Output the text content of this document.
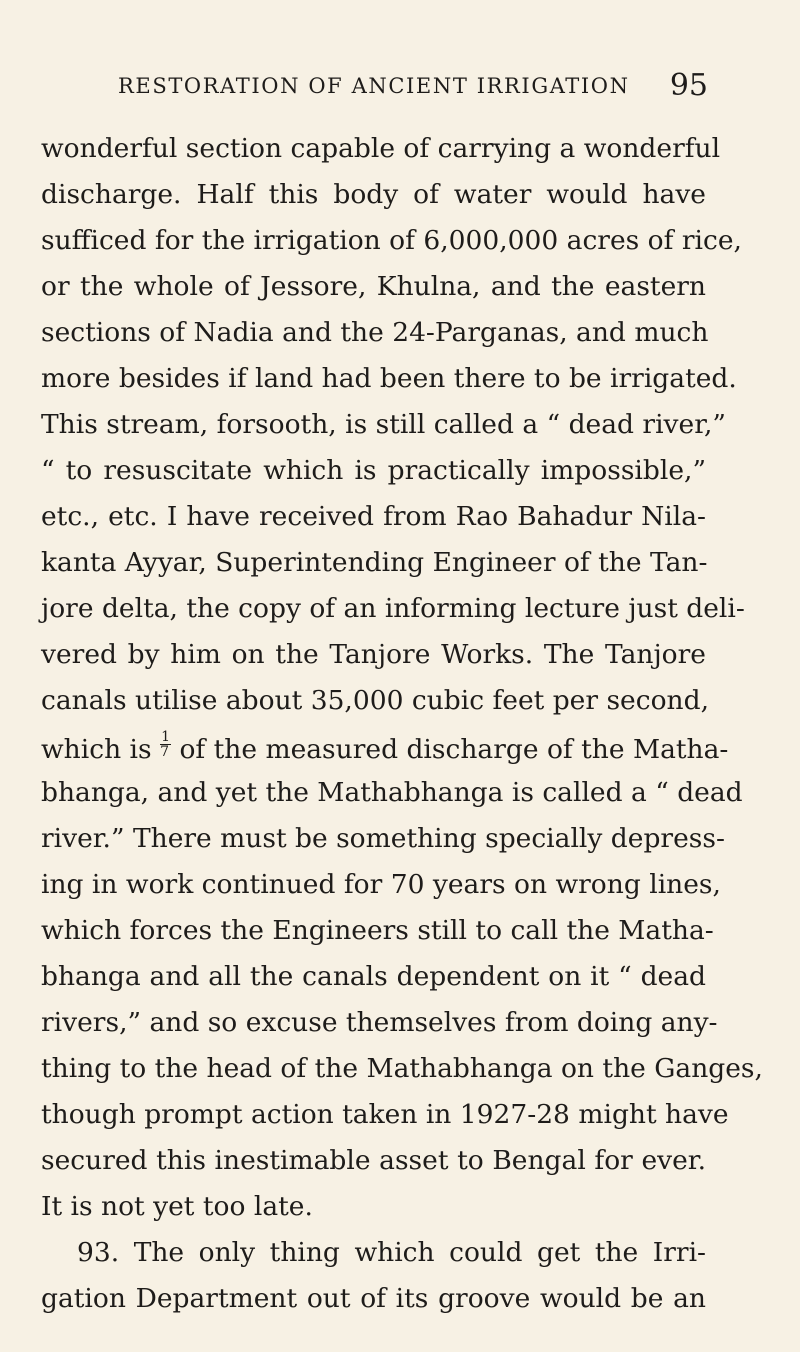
RESTORATION OF ANCIENT IRRIGATION 95
wonderful section capable of carrying a wonderful
discharge. Half this body of water would have
sufficed for the irrigation of 6,000,000 acres of rice,
or the whole of Jessore, Khulna, and the eastern
sections of Nadia and the 24-Parganas, and much
more besides if land had been there to be irrigated.
This stream, forsooth, is still called a “ dead river,”
“ to resuscitate which is practically impossible,”
etc., etc. I have received from Rao Bahadur Nila-
kanta Ayyar, Superintending Engineer of the Tan-
jore delta, the copy of an informing lecture just deli-
vered by him on the Tanjore Works. The Tanjore
canals utilise about 35,000 cubic feet per second,
which is $\frac{1}{7}$ of the measured discharge of the Matha-
bhanga, and yet the Mathabhanga is called a “ dead
river.” There must be something specially depress-
ing in work continued for 70 years on wrong lines,
which forces the Engineers still to call the Matha-
bhanga and all the canals dependent on it “ dead
rivers,” and so excuse themselves from doing any-
thing to the head of the Mathabhanga on the Ganges,
though prompt action taken in 1927-28 might have
secured this inestimable asset to Bengal for ever.
It is not yet too late.
93. The only thing which could get the Irri-
gation Department out of its groove would be an
